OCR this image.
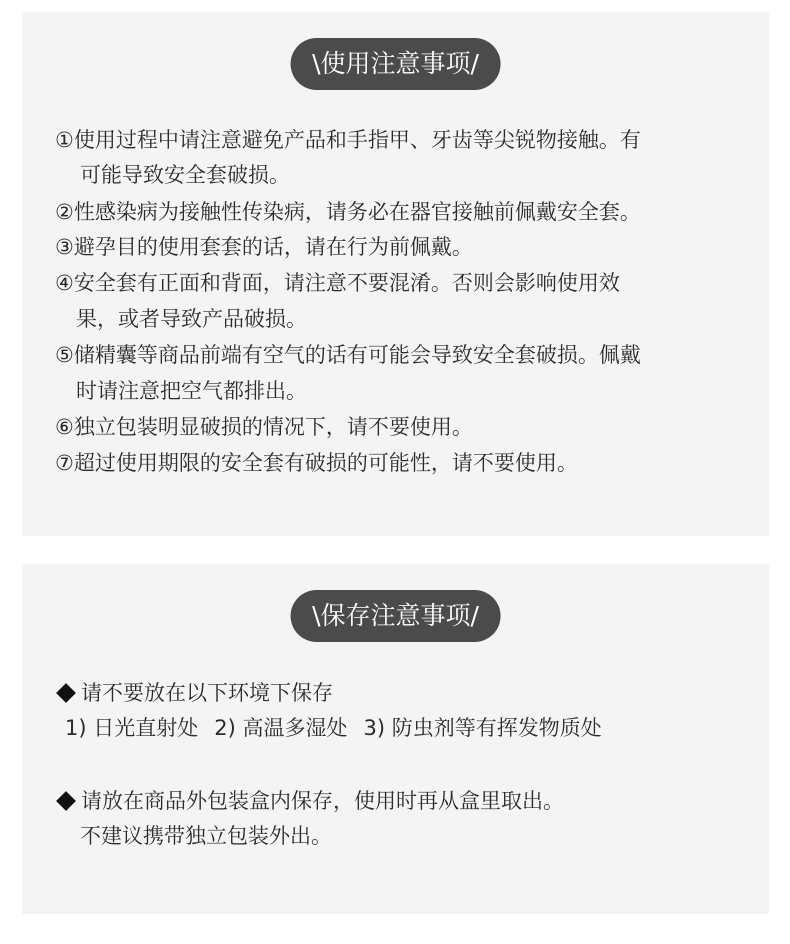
\使用注意事项/
①使用过程中请注意避免产品和手指甲、牙齿等尖锐物接触。有
可能导致安全套破损。
②性感染病为接触性传染病，请务必在器官接触前佩戴安全套。
③避孕目的使用套套的话，请在行为前佩戴。
④安全套有正面和背面，请注意不要混淆。否则会影响使用效
果，或者导致产品破损。
⑤储精囊等商品前端有空气的话有可能会导致安全套破损。佩戴
时请注意把空气都排出。
⑥独立包装明显破损的情况下，请不要使用。
⑦超过使用期限的安全套有破损的可能性，请不要使用。
\保存注意事项/
请不要放在以下环境下保存
1) 日光直射处 2) 高温多湿处 3) 防虫剂等有挥发物质处
请放在商品外包装盒内保存，使用时再从盒里取出。
不建议携带独立包装外出。
